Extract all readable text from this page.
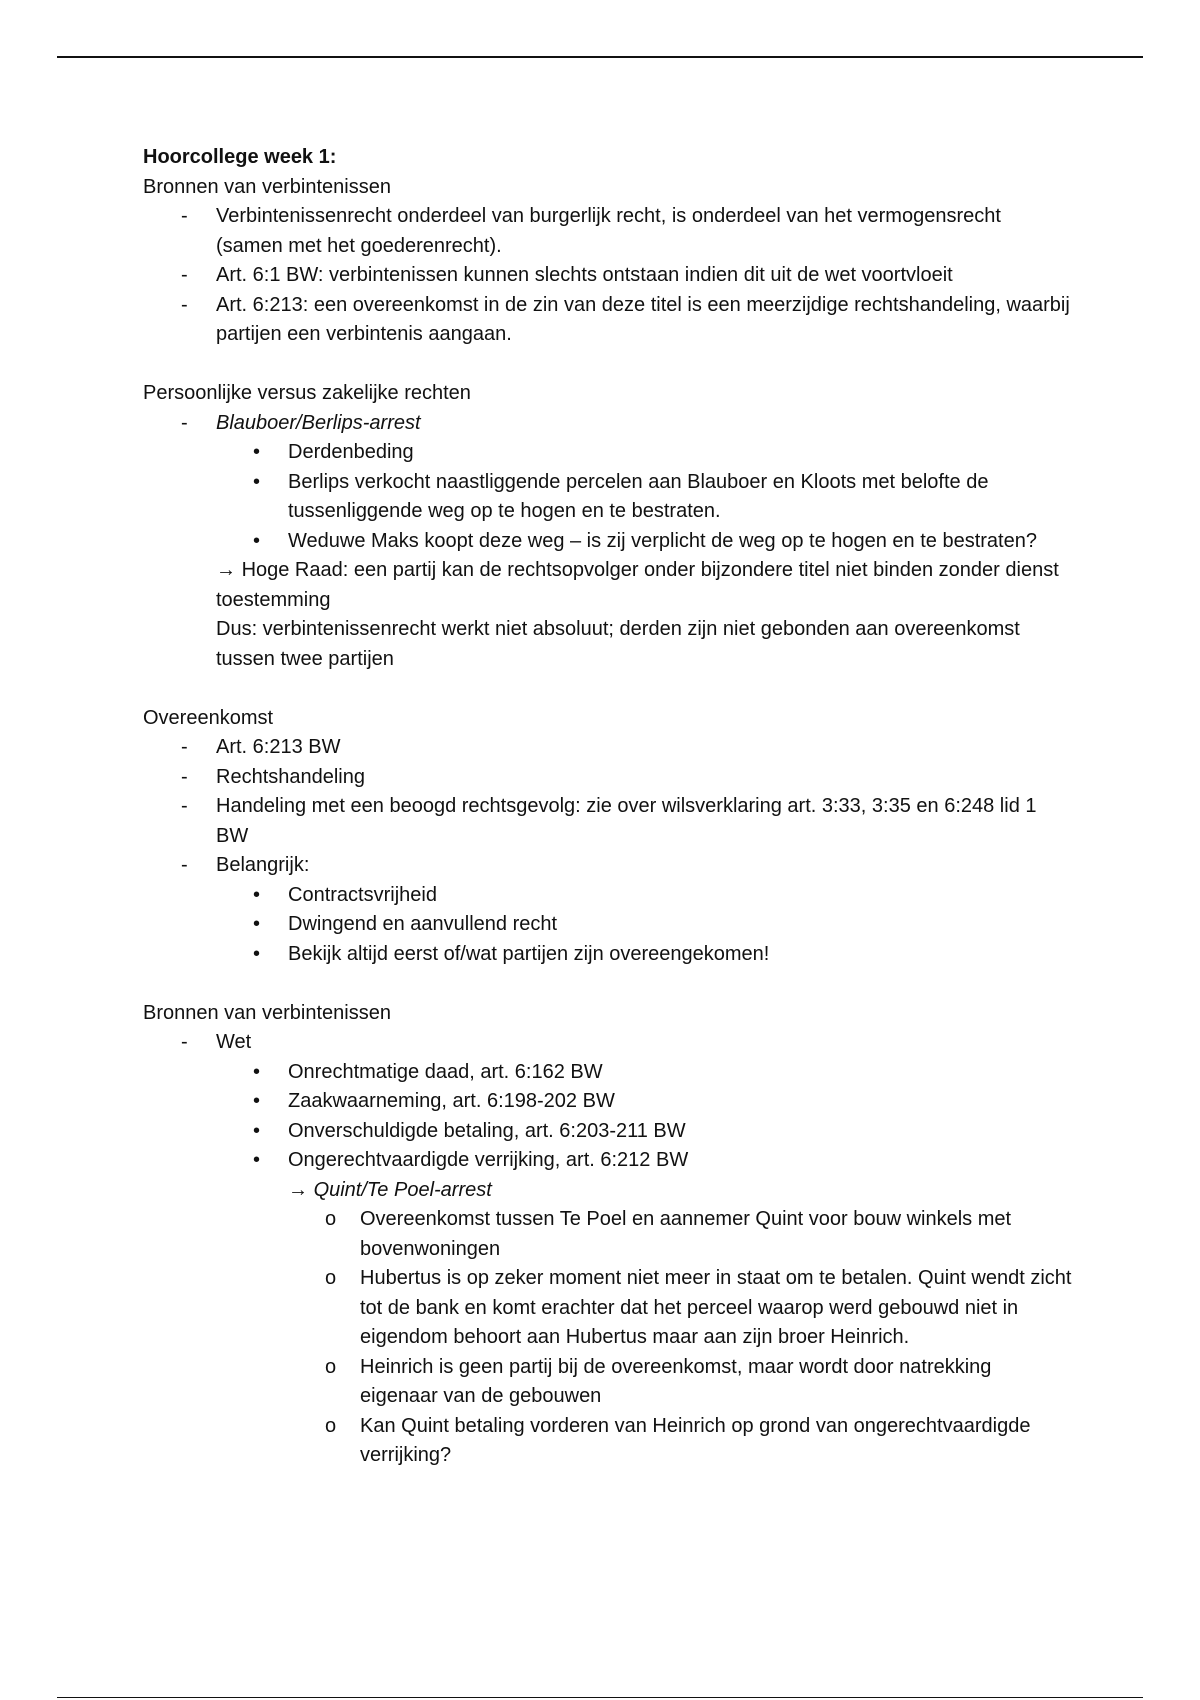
Hoorcollege week 1:

Bronnen van verbintenissen

- Verbintenissenrecht onderdeel van burgerlijk recht, is onderdeel van het vermogensrecht (samen met het goederenrecht).
- Art. 6:1 BW: verbintenissen kunnen slechts ontstaan indien dit uit de wet voortvloeit
- Art. 6:213: een overeenkomst in de zin van deze titel is een meerzijdige rechtshandeling, waarbij partijen een verbintenis aangaan.

Persoonlijke versus zakelijke rechten

- Blauboer/Berlips-arrest
• Derdenbeding
• Berlips verkocht naastliggende percelen aan Blauboer en Kloots met belofte de tussenliggende weg op te hogen en te bestraten.
• Weduwe Maks koopt deze weg – is zij verplicht de weg op te hogen en te bestraten?
→ Hoge Raad: een partij kan de rechtsopvolger onder bijzondere titel niet binden zonder dienst toestemming
Dus: verbintenissenrecht werkt niet absoluut; derden zijn niet gebonden aan overeenkomst tussen twee partijen

Overeenkomst

- Art. 6:213 BW
- Rechtshandeling
- Handeling met een beoogd rechtsgevolg: zie over wilsverklaring art. 3:33, 3:35 en 6:248 lid 1 BW
- Belangrijk:
• Contractsvrijheid
• Dwingend en aanvullend recht
• Bekijk altijd eerst of/wat partijen zijn overeengekomen!

Bronnen van verbintenissen

- Wet
• Onrechtmatige daad, art. 6:162 BW
• Zaakwaarneming, art. 6:198-202 BW
• Onverschuldigde betaling, art. 6:203-211 BW
• Ongerechtvaardigde verrijking, art. 6:212 BW
→ Quint/Te Poel-arrest
o Overeenkomst tussen Te Poel en aannemer Quint voor bouw winkels met bovenwoningen
o Hubertus is op zeker moment niet meer in staat om te betalen. Quint wendt zicht tot de bank en komt erachter dat het perceel waarop werd gebouwd niet in eigendom behoort aan Hubertus maar aan zijn broer Heinrich.
o Heinrich is geen partij bij de overeenkomst, maar wordt door natrekking eigenaar van de gebouwen
o Kan Quint betaling vorderen van Heinrich op grond van ongerechtvaardigde verrijking?
